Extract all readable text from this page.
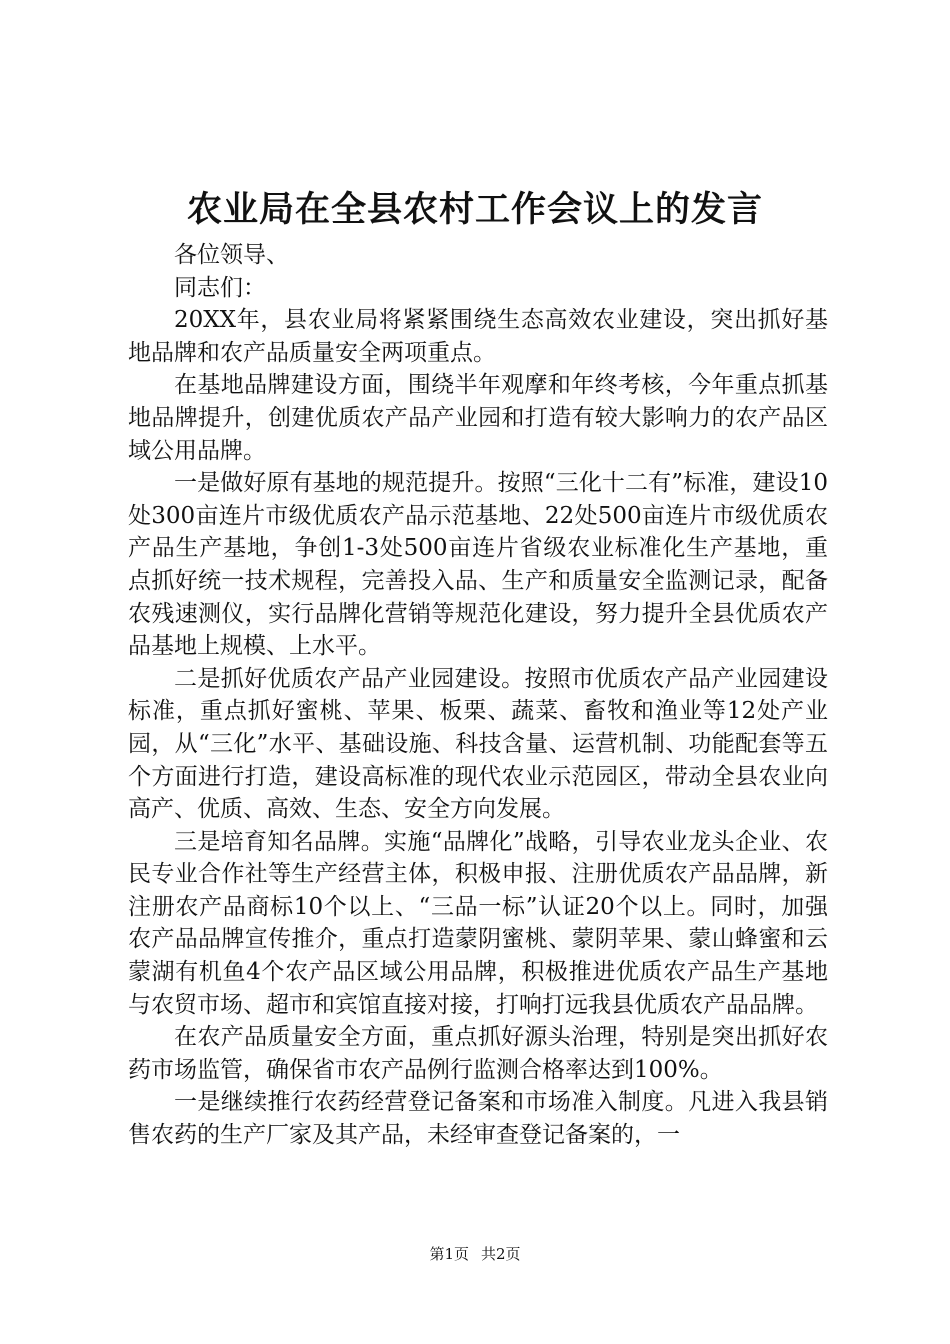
农业局在全县农村工作会议上的发言

各位领导、

同志们：

20XX年，县农业局将紧紧围绕生态高效农业建设，突出抓好基地品牌和农产品质量安全两项重点。

在基地品牌建设方面，围绕半年观摩和年终考核，今年重点抓基地品牌提升，创建优质农产品产业园和打造有较大影响力的农产品区域公用品牌。

一是做好原有基地的规范提升。按照“三化十二有”标准，建设10处300亩连片市级优质农产品示范基地、22处500亩连片市级优质农产品生产基地，争创1-3处500亩连片省级农业标准化生产基地，重点抓好统一技术规程，完善投入品、生产和质量安全监测记录，配备农残速测仪，实行品牌化营销等规范化建设，努力提升全县优质农产品基地上规模、上水平。

二是抓好优质农产品产业园建设。按照市优质农产品产业园建设标准，重点抓好蜜桃、苹果、板栗、蔬菜、畜牧和渔业等12处产业园，从“三化”水平、基础设施、科技含量、运营机制、功能配套等五个方面进行打造，建设高标准的现代农业示范园区，带动全县农业向高产、优质、高效、生态、安全方向发展。

三是培育知名品牌。实施“品牌化”战略，引导农业龙头企业、农民专业合作社等生产经营主体，积极申报、注册优质农产品品牌，新注册农产品商标10个以上、“三品一标”认证20个以上。同时，加强农产品品牌宣传推介，重点打造蒙阴蜜桃、蒙阴苹果、蒙山蜂蜜和云蒙湖有机鱼4个农产品区域公用品牌，积极推进优质农产品生产基地与农贸市场、超市和宾馆直接对接，打响打远我县优质农产品品牌。

在农产品质量安全方面，重点抓好源头治理，特别是突出抓好农药市场监管，确保省市农产品例行监测合格率达到100%。

一是继续推行农药经营登记备案和市场准入制度。凡进入我县销售农药的生产厂家及其产品，未经审查登记备案的，一

第1页 共2页
